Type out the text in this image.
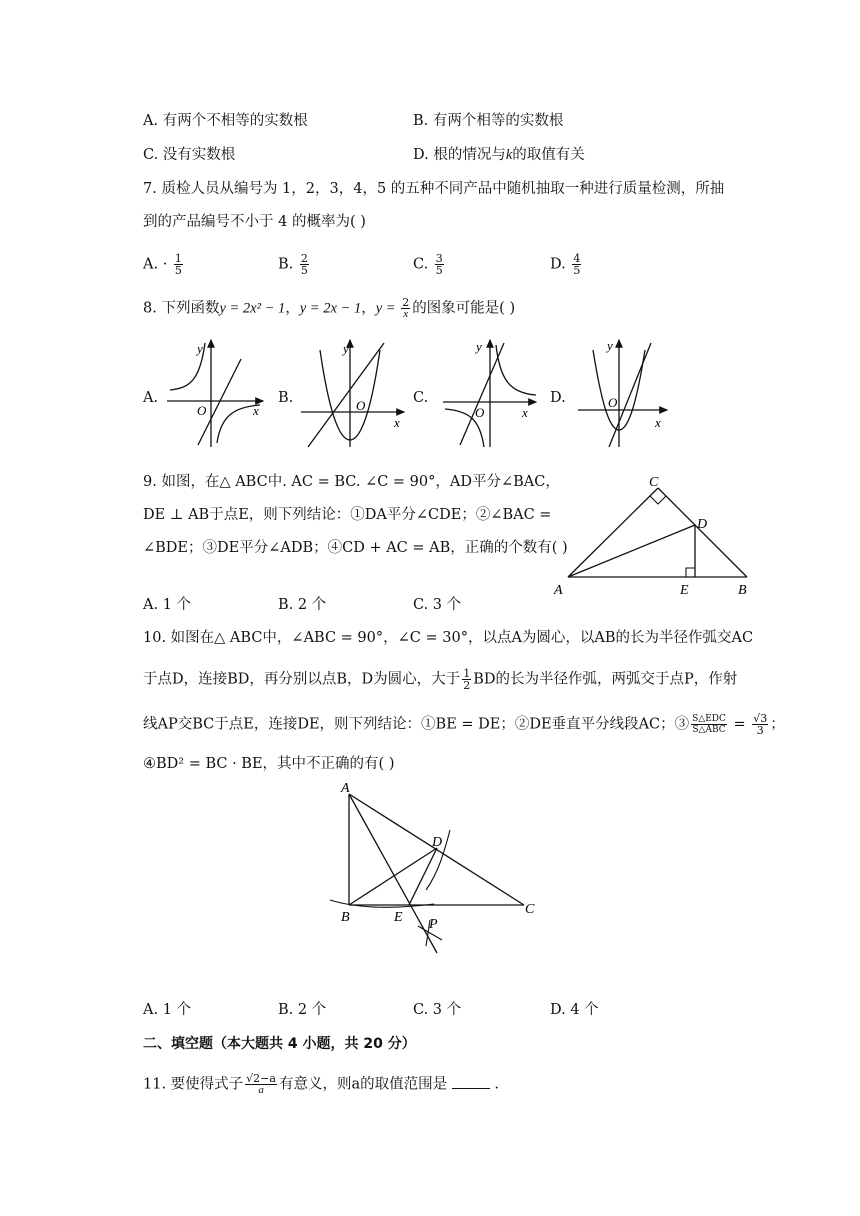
A. 有两个不相等的实数根	B. 有两个相等的实数根
C. 没有实数根	D. 根的情况与k的取值有关
7. 质检人员从编号为 1，2，3，4，5 的五种不同产品中随机抽取一种进行质量检测，所抽
到的产品编号不小于 4 的概率为( )
A. · $\frac{1}{5}$	B. $\frac{2}{5}$	C. $\frac{3}{5}$	D. $\frac{4}{5}$
8. 下列函数y = 2x² − 1，y = 2x − 1，$y = \frac{2}{x}$ 的图象可能是( )
A.	B.	C.	D.
y
x
O
y
x
O
y
x
O
y
x
O
9. 如图，在△ ABC中. AC = BC. ∠C = 90°，AD平分∠BAC，
DE ⊥ AB于点E，则下列结论：①DA平分∠CDE；②∠BAC =
∠BDE；③DE平分∠ADB；④CD + AC = AB，正确的个数有( )
A. 1 个	B. 2 个	C. 3 个
A	B
C
D
E
10. 如图在△ ABC中，∠ABC = 90°，∠C = 30°，以点A为圆心，以AB的长为半径作弧交AC
于点D，连接BD，再分别以点B，D为圆心，大于 $\frac{1}{2}$ BD的长为半径作弧，两弧交于点P，作射
线AP交BC于点E，连接DE，则下列结论：①BE = DE；②DE垂直平分线段AC；③ $\frac{\text{S△EDC}}{\text{S△ABC}} = \frac{√3}{3}$ ；
④BD² = BC · BE，其中不正确的有( )
A
B
C
D
E P
A. 1 个	B. 2 个	C. 3 个	D. 4 个
二、填空题（本大题共 4 小题，共 20 分）
11. 要使得式子 $\frac{√2-a}{a}$ 有意义，则a的取值范围是	.
